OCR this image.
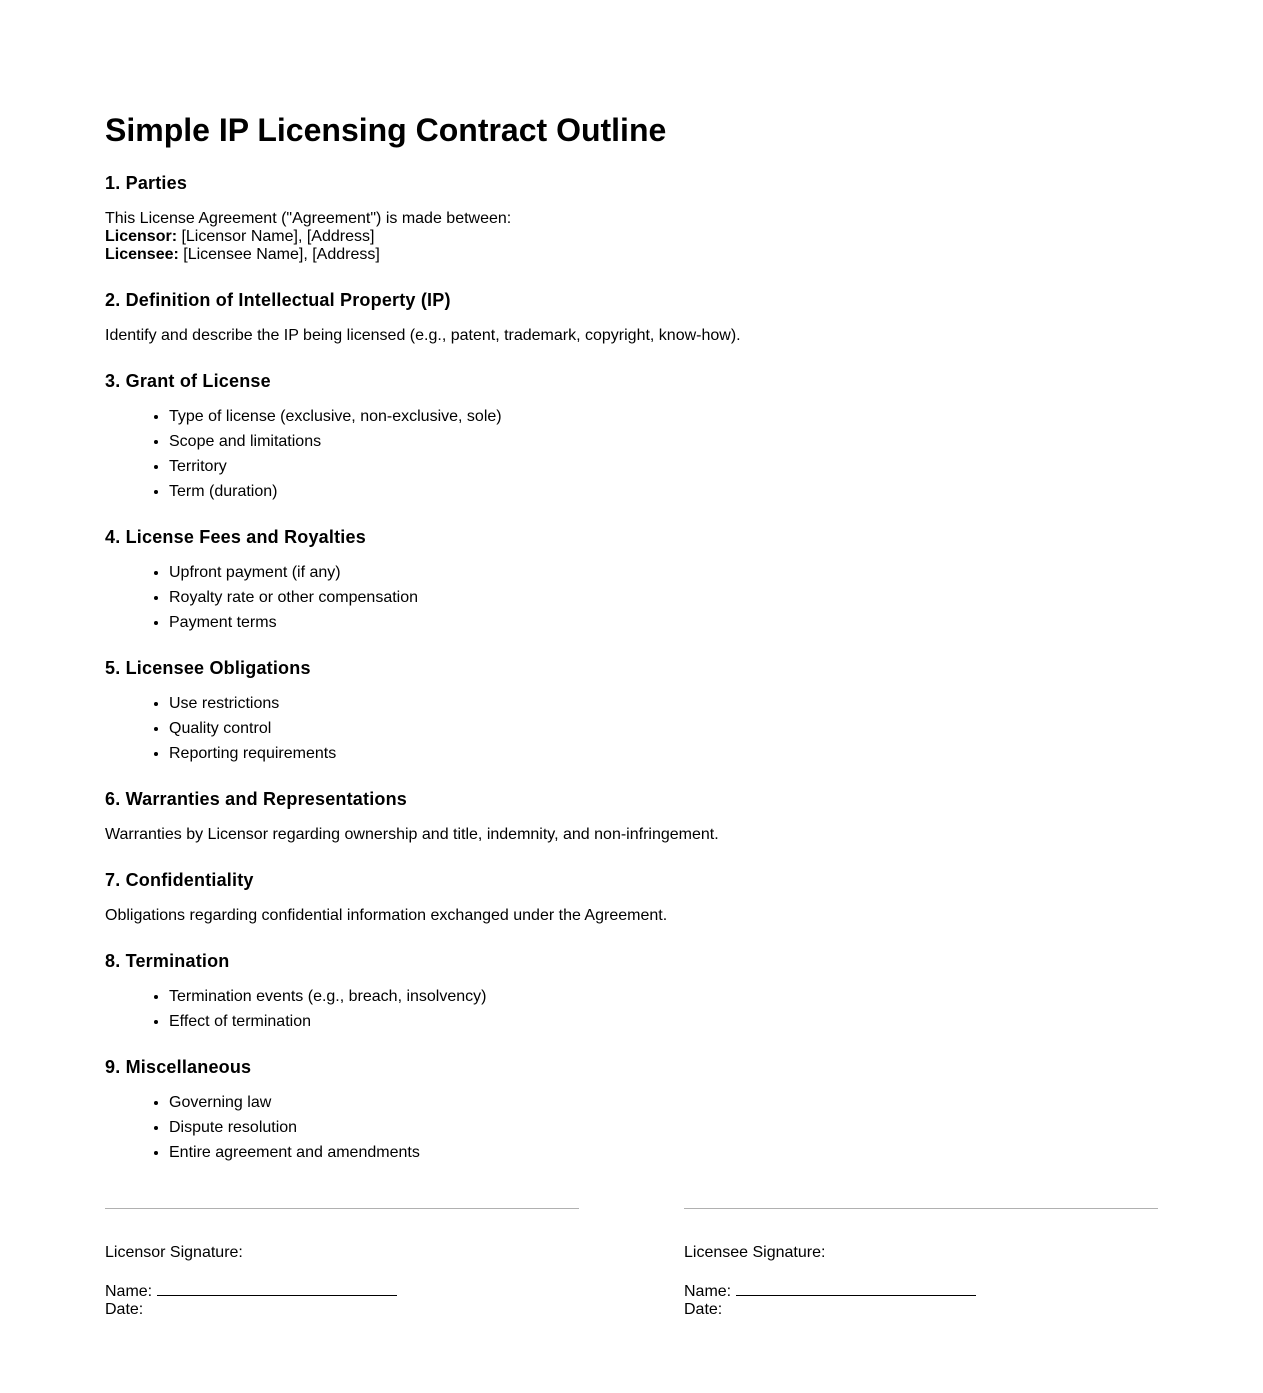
Simple IP Licensing Contract Outline
1. Parties

This License Agreement ("Agreement") is made between:
Licensor: [Licensor Name], [Address]
Licensee: [Licensee Name], [Address]

2. Definition of Intellectual Property (IP)

Identify and describe the IP being licensed (e.g., patent, trademark, copyright, know-how).

3. Grant of License
• Type of license (exclusive, non-exclusive, sole)
• Scope and limitations
• Territory
• Term (duration)
4. License Fees and Royalties
• Upfront payment (if any)
• Royalty rate or other compensation
• Payment terms
5. Licensee Obligations
• Use restrictions
• Quality control
• Reporting requirements
6. Warranties and Representations

Warranties by Licensor regarding ownership and title, indemnity, and non-infringement.

7. Confidentiality

Obligations regarding confidential information exchanged under the Agreement.

8. Termination
• Termination events (e.g., breach, insolvency)
• Effect of termination
9. Miscellaneous
• Governing law
• Dispute resolution
• Entire agreement and amendments
Licensor Signature:
Name:
Date:
Licensee Signature:
Name:
Date:
